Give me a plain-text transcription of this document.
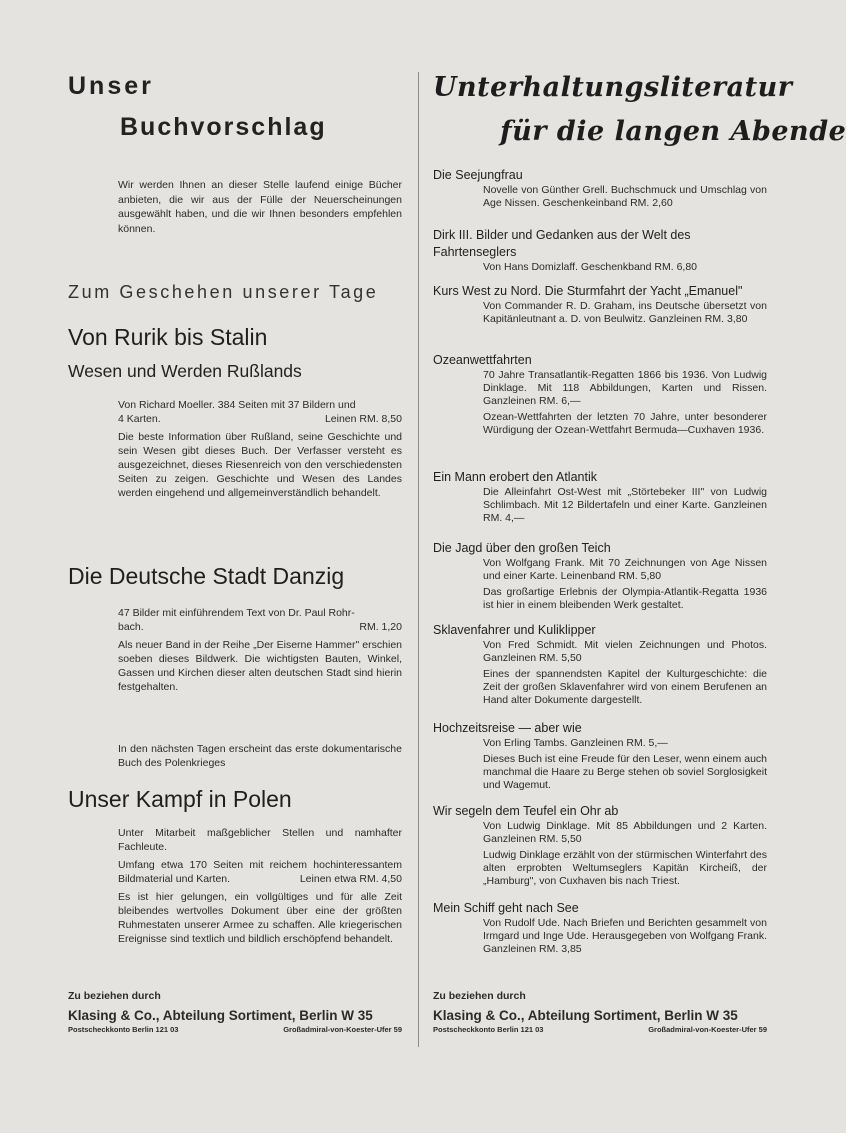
Unser
Buchvorschlag
Wir werden Ihnen an dieser Stelle laufend einige Bücher anbieten, die wir aus der Fülle der Neuerscheinungen ausgewählt haben, und die wir Ihnen besonders empfehlen können.
Zum Geschehen unserer Tage
Von Rurik bis Stalin
Wesen und Werden Rußlands
Von Richard Moeller. 384 Seiten mit 37 Bildern und
4 Karten.	Leinen RM. 8,50

Die beste Information über Rußland, seine Geschichte und sein Wesen gibt dieses Buch. Der Verfasser versteht es ausgezeichnet, dieses Riesenreich von den verschiedensten Seiten zu zeigen. Geschichte und Wesen des Landes werden eingehend und allgemeinverständlich behandelt.

Die Deutsche Stadt Danzig
47 Bilder mit einführendem Text von Dr. Paul Rohr-
bach.	RM. 1,20

Als neuer Band in der Reihe „Der Eiserne Hammer" erschien soeben dieses Bildwerk. Die wichtigsten Bauten, Winkel, Gassen und Kirchen dieser alten deutschen Stadt sind hierin festgehalten.

In den nächsten Tagen erscheint das erste dokumentarische Buch des Polenkrieges
Unser Kampf in Polen

Unter Mitarbeit maßgeblicher Stellen und namhafter Fachleute.

Umfang etwa 170 Seiten mit reichem hochinteressantem Bildmaterial und Karten.	Leinen etwa RM. 4,50

Es ist hier gelungen, ein vollgültiges und für alle Zeit bleibendes wertvolles Dokument über eine der größten Ruhmestaten unserer Armee zu schaffen. Alle kriegerischen Ereignisse sind textlich und bildlich erschöpfend behandelt.

Zu beziehen durch
Klasing & Co., Abteilung Sortiment, Berlin W 35
Postscheckkonto Berlin 121 03	Großadmiral-von-Koester-Ufer 59
Unterhaltungsliteratur
für die langen Abende
Die Seejungfrau
Novelle von Günther Grell. Buchschmuck und Umschlag von Age Nissen. Geschenkeinband RM. 2,60
Dirk III. Bilder und Gedanken aus der Welt des Fahrtenseglers
Von Hans Domizlaff. Geschenkband RM. 6,80
Kurs West zu Nord. Die Sturmfahrt der Yacht „Emanuel"
Von Commander R. D. Graham, ins Deutsche übersetzt von Kapitänleutnant a. D. von Beulwitz. Ganzleinen RM. 3,80
Ozeanwettfahrten

70 Jahre Transatlantik-Regatten 1866 bis 1936. Von Ludwig Dinklage. Mit 118 Abbildungen, Karten und Rissen. Ganzleinen RM. 6,—

Ozean-Wettfahrten der letzten 70 Jahre, unter besonderer Würdigung der Ozean-Wettfahrt Bermuda—Cuxhaven 1936.

Ein Mann erobert den Atlantik
Die Alleinfahrt Ost-West mit „Störtebeker III" von Ludwig Schlimbach. Mit 12 Bildertafeln und einer Karte. Ganzleinen RM. 4,—
Die Jagd über den großen Teich

Von Wolfgang Frank. Mit 70 Zeichnungen von Age Nissen und einer Karte. Leinenband RM. 5,80

Das großartige Erlebnis der Olympia-Atlantik-Regatta 1936 ist hier in einem bleibenden Werk gestaltet.

Sklavenfahrer und Kuliklipper

Von Fred Schmidt. Mit vielen Zeichnungen und Photos. Ganzleinen RM. 5,50

Eines der spannendsten Kapitel der Kulturgeschichte: die Zeit der großen Sklavenfahrer wird von einem Berufenen an Hand alter Dokumente dargestellt.

Hochzeitsreise — aber wie

Von Erling Tambs. Ganzleinen RM. 5,—

Dieses Buch ist eine Freude für den Leser, wenn einem auch manchmal die Haare zu Berge stehen ob soviel Sorglosigkeit und Wagemut.

Wir segeln dem Teufel ein Ohr ab

Von Ludwig Dinklage. Mit 85 Abbildungen und 2 Karten. Ganzleinen RM. 5,50

Ludwig Dinklage erzählt von der stürmischen Winterfahrt des alten erprobten Weltumseglers Kapitän Kircheiß, der „Hamburg", von Cuxhaven bis nach Triest.

Mein Schiff geht nach See
Von Rudolf Ude. Nach Briefen und Berichten gesammelt von Irmgard und Inge Ude. Herausgegeben von Wolfgang Frank. Ganzleinen RM. 3,85
Zu beziehen durch
Klasing & Co., Abteilung Sortiment, Berlin W 35
Postscheckkonto Berlin 121 03	Großadmiral-von-Koester-Ufer 59
